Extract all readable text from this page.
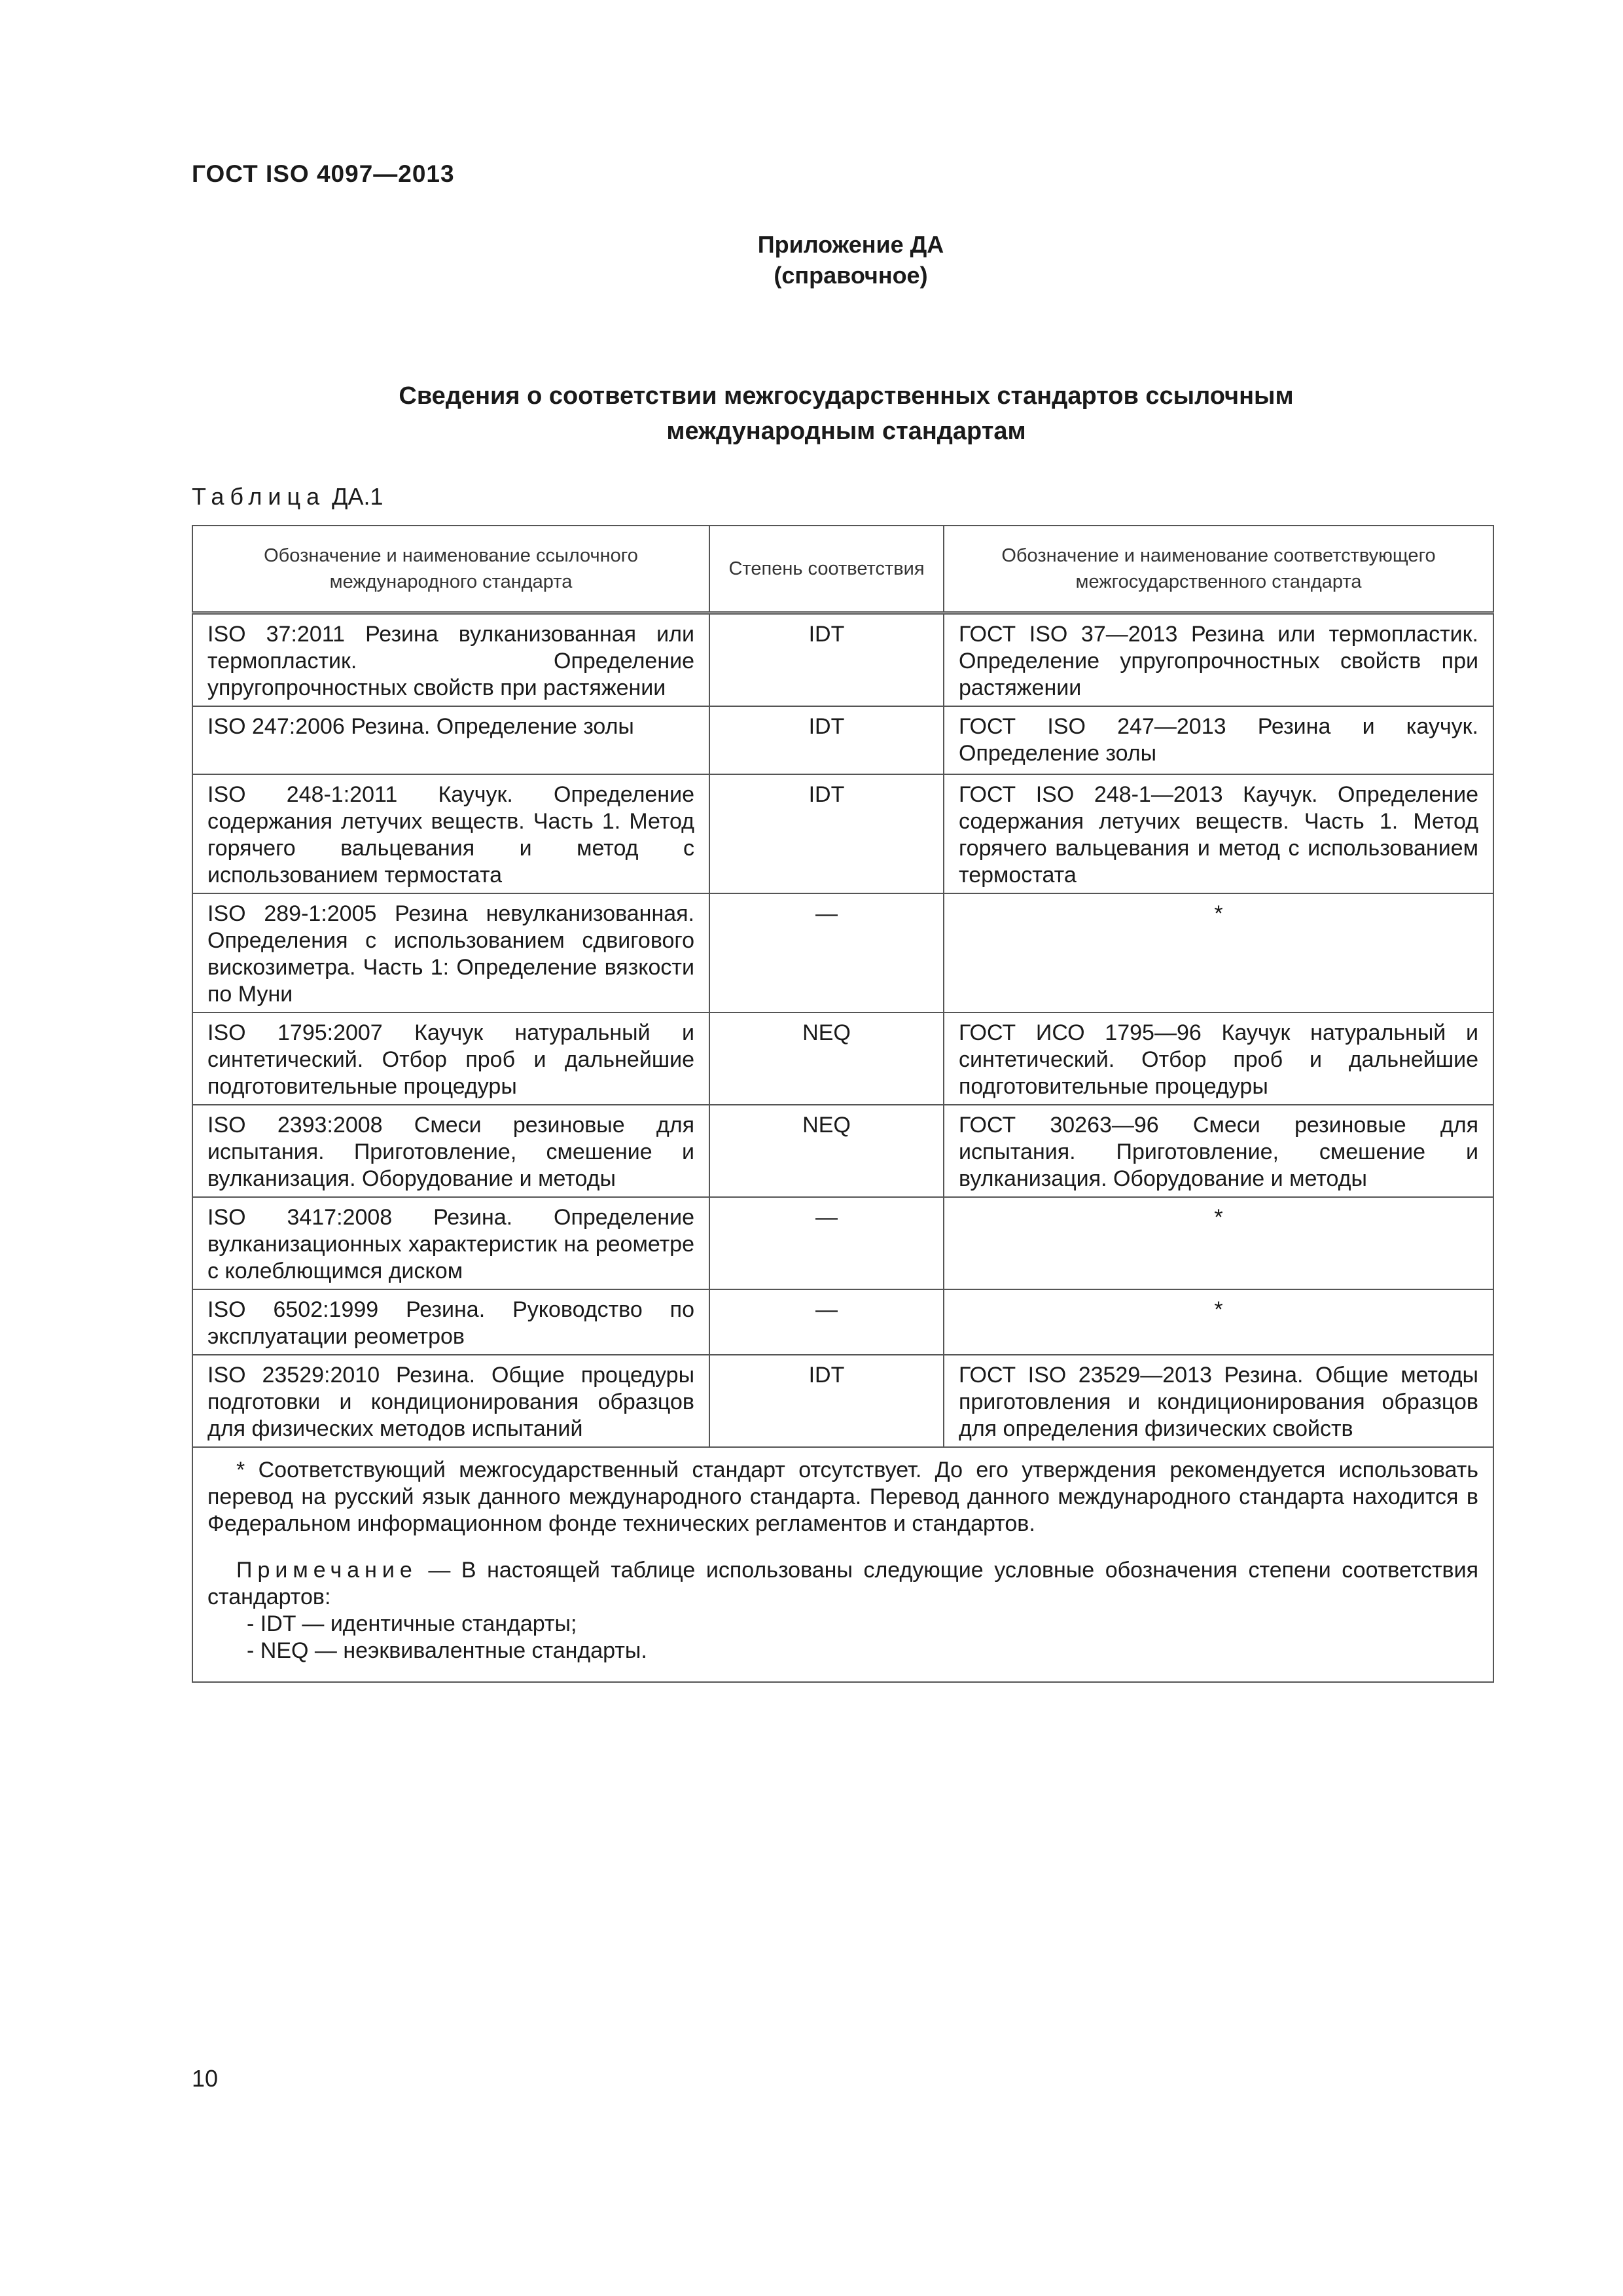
ГОСТ ISO 4097—2013
Приложение ДА
(справочное)
Сведения о соответствии межгосударственных стандартов ссылочным
международным стандартам
Таблица ДА.1
Обозначение и наименование ссылочного международного стандарта	Степень соответствия	Обозначение и наименование соответствующего межгосударственного стандарта
ISO 37:2011 Резина вулканизованная или термопластик. Определение упругопрочностных свойств при растяжении	IDT	ГОСТ ISO 37—2013 Резина или термопластик. Определение упругопрочностных свойств при растяжении
ISO 247:2006 Резина. Определение золы	IDT	ГОСТ ISO 247—2013 Резина и каучук. Определение золы
ISO 248-1:2011 Каучук. Определение содержания летучих веществ. Часть 1. Метод горячего вальцевания и метод с использованием термостата	IDT	ГОСТ ISO 248-1—2013 Каучук. Определение содержания летучих веществ. Часть 1. Метод горячего вальцевания и метод с использованием термостата
ISO 289-1:2005 Резина невулканизованная. Определения с использованием сдвигового вискозиметра. Часть 1: Определение вязкости по Муни	—	*
ISO 1795:2007 Каучук натуральный и синтетический. Отбор проб и дальнейшие подготовительные процедуры	NEQ	ГОСТ ИСО 1795—96 Каучук натуральный и синтетический. Отбор проб и дальнейшие подготовительные процедуры
ISO 2393:2008 Смеси резиновые для испытания. Приготовление, смешение и вулканизация. Оборудование и методы	NEQ	ГОСТ 30263—96 Смеси резиновые для испытания. Приготовление, смешение и вулканизация. Оборудование и методы
ISO 3417:2008 Резина. Определение вулканизационных характеристик на реометре с колеблющимся диском	—	*
ISO 6502:1999 Резина. Руководство по эксплуатации реометров	—	*
ISO 23529:2010 Резина. Общие процедуры подготовки и кондиционирования образцов для физических методов испытаний	IDT	ГОСТ ISO 23529—2013 Резина. Общие методы приготовления и кондиционирования образцов для определения физических свойств

* Соответствующий межгосударственный стандарт отсутствует. До его утверждения рекомендуется использовать перевод на русский язык данного международного стандарта. Перевод данного международного стандарта находится в Федеральном информационном фонде технических регламентов и стандартов.

Примечание — В настоящей таблице использованы следующие условные обозначения степени соответствия стандартов:

- IDT — идентичные стандарты;

- NEQ — неэквивалентные стандарты.		

10
